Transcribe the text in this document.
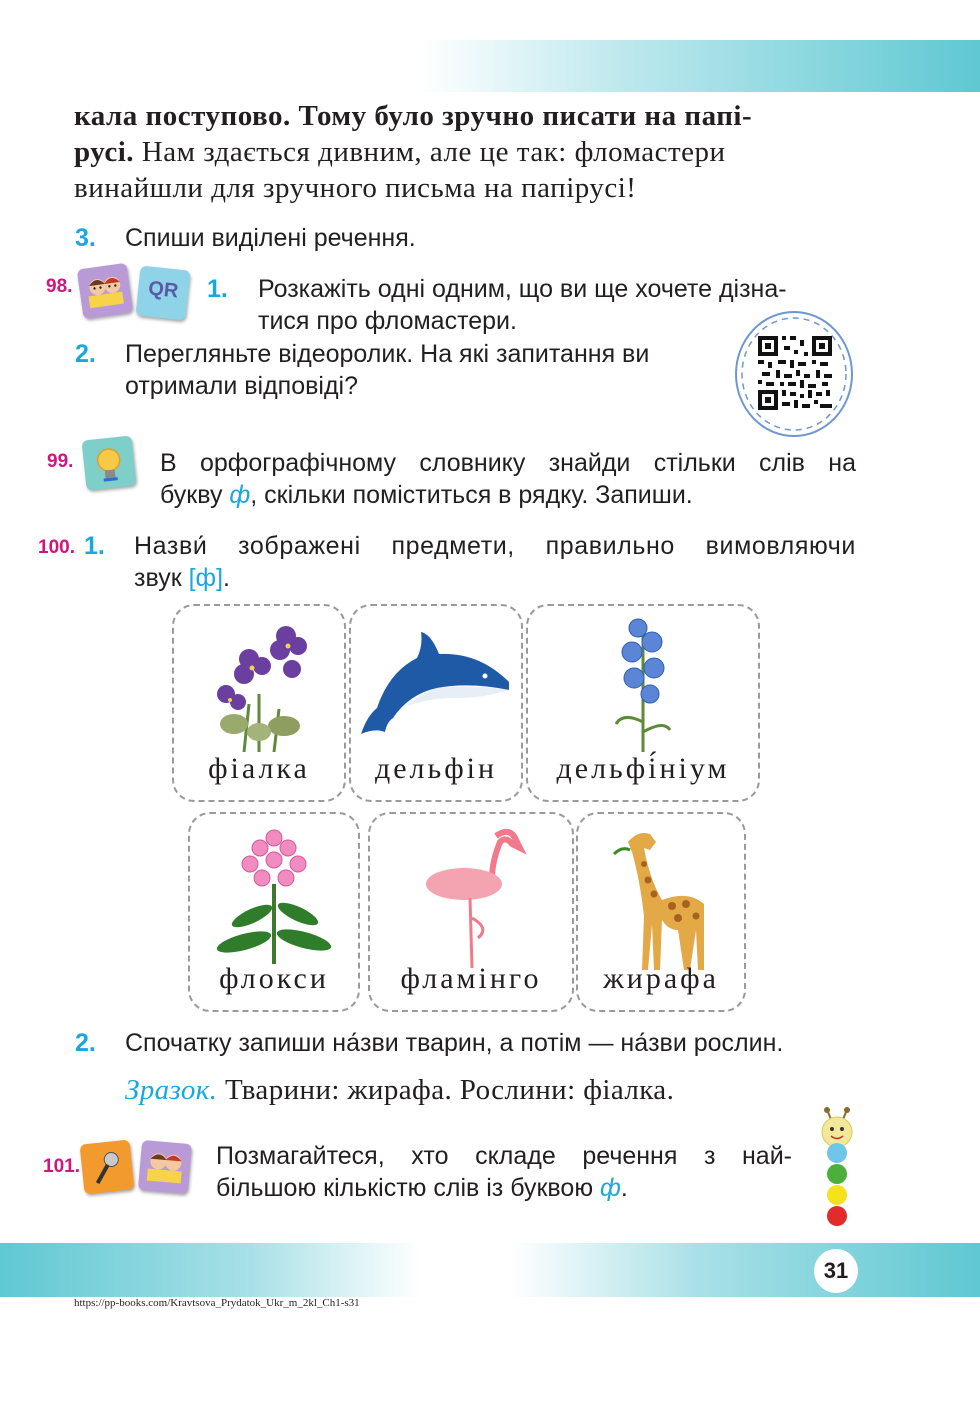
кала поступово. Тому було зручно писати на папі-
русі. Нам здається дивним, але це так: фломастери
винайшли для зручного письма на папірусі!
3. Спиши виділені речення.
98.	QR	1. Розкажіть одні одним, що ви ще хочете дізна-
тися про фломастери.
2. Перегляньте відеоролик. На які запитання ви
отримали відповіді?
99.	В орфографічному словнику знайди стільки слів на
букву ф, скільки поміститься в рядку. Запиши.
100. 1. Назви́ зображені предмети, правильно вимовляючи
звук [ф].
фіалка	дельфін	дельфі́ніум
флокси	фламінго	жирафа
2. Спочатку запиши на́зви тварин, а потім — на́зви рослин.
Зразок. Тварини: жирафа. Рослини: фіалка.
101.	Позмагайтеся, хто складе речення з най-
більшою кількістю слів із буквою ф.
31
https://pp-books.com/Kravtsova_Prydatok_Ukr_m_2kl_Ch1-s31
